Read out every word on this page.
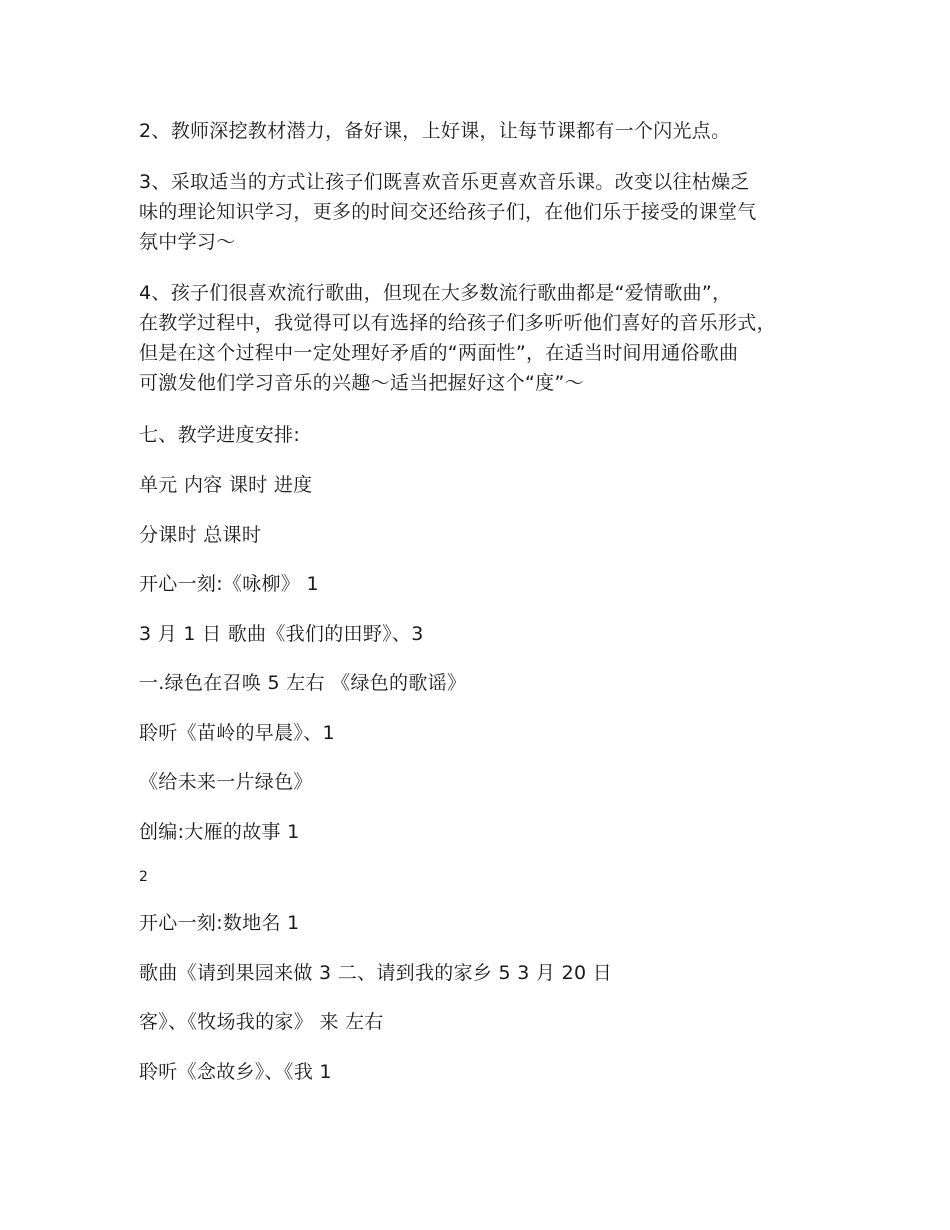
2、教师深挖教材潜力，备好课，上好课，让每节课都有一个闪光点。
3、采取适当的方式让孩子们既喜欢音乐更喜欢音乐课。改变以往枯燥乏
味的理论知识学习，更多的时间交还给孩子们，在他们乐于接受的课堂气
氛中学习～
4、孩子们很喜欢流行歌曲，但现在大多数流行歌曲都是“爱情歌曲”，
在教学过程中，我觉得可以有选择的给孩子们多听听他们喜好的音乐形式，
但是在这个过程中一定处理好矛盾的“两面性”，在适当时间用通俗歌曲
可激发他们学习音乐的兴趣～适当把握好这个“度”～
七、教学进度安排:
单元 内容 课时 进度
分课时 总课时
开心一刻:《咏柳》 1
3 月 1 日 歌曲《我们的田野》、3
一.绿色在召唤 5 左右 《绿色的歌谣》
聆听《苗岭的早晨》、1
《给未来一片绿色》
创编:大雁的故事 1
2
开心一刻:数地名 1
歌曲《请到果园来做 3 二、请到我的家乡 5 3 月 20 日
客》、《牧场我的家》 来 左右
聆听《念故乡》、《我 1
